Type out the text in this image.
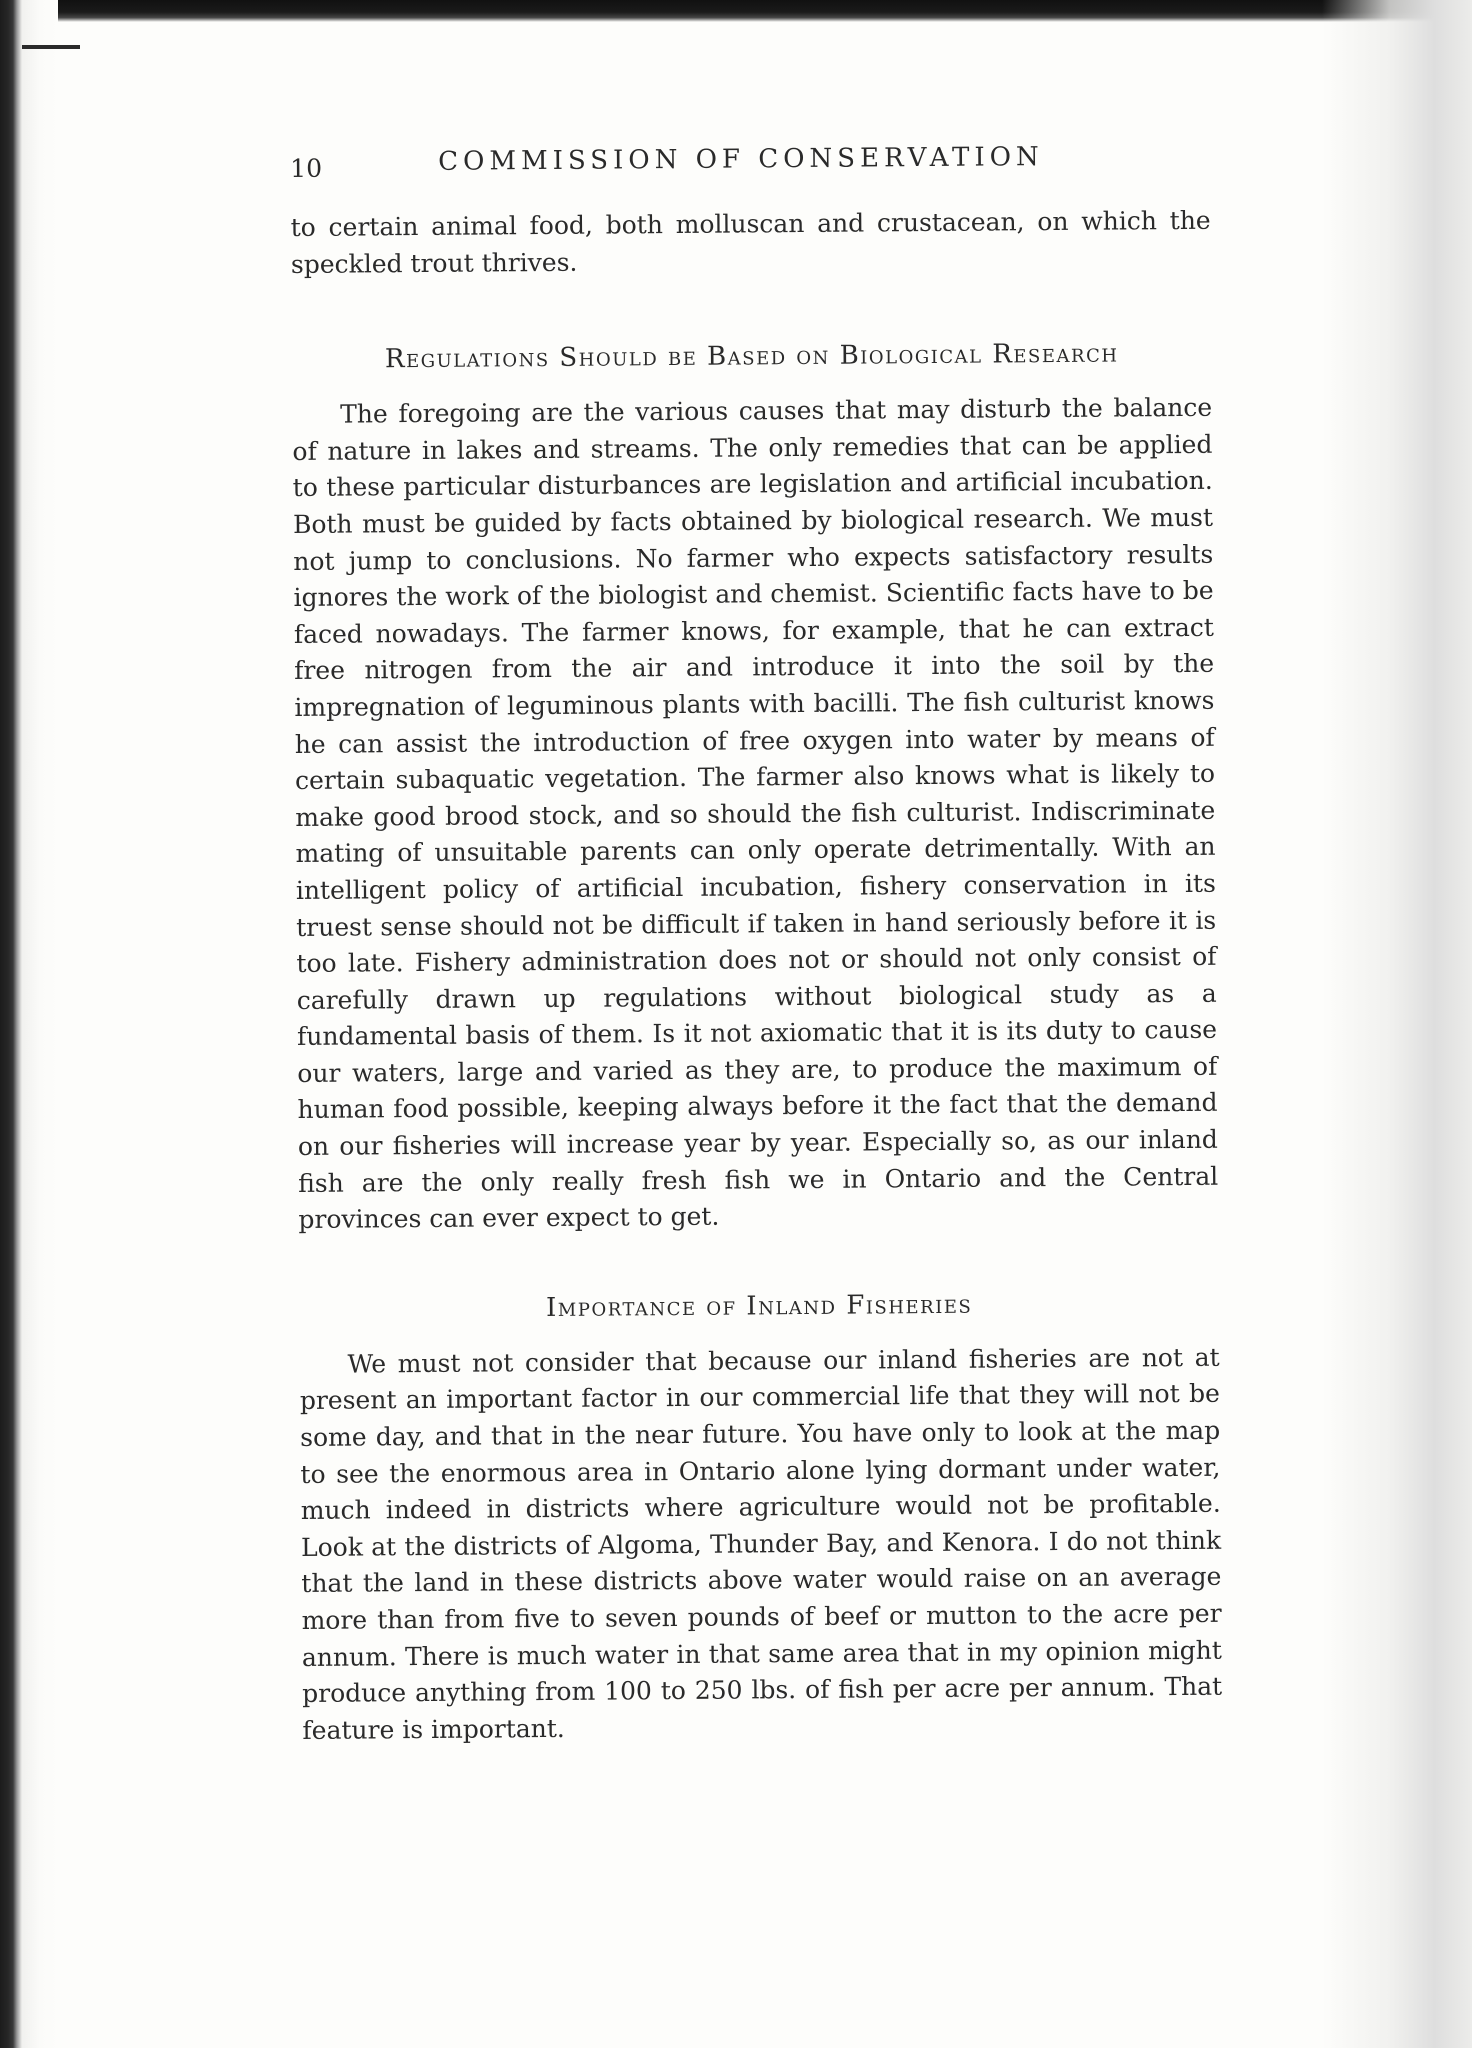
10	COMMISSION OF CONSERVATION

to certain animal food, both molluscan and crustacean, on which the speckled trout thrives.

Regulations Should be Based on Biological Research

The foregoing are the various causes that may disturb the balance of nature in lakes and streams. The only remedies that can be applied to these particular disturbances are legislation and artificial incubation. Both must be guided by facts obtained by biological research. We must not jump to conclusions. No farmer who expects satisfactory results ignores the work of the biologist and chemist. Scientific facts have to be faced nowadays. The farmer knows, for example, that he can extract free nitrogen from the air and introduce it into the soil by the impregnation of leguminous plants with bacilli. The fish culturist knows he can assist the introduction of free oxygen into water by means of certain subaquatic vegetation. The farmer also knows what is likely to make good brood stock, and so should the fish culturist. Indiscriminate mating of unsuitable parents can only operate detrimentally. With an intelligent policy of artificial incubation, fishery conservation in its truest sense should not be difficult if taken in hand seriously before it is too late. Fishery administration does not or should not only consist of carefully drawn up regulations without biological study as a fundamental basis of them. Is it not axiomatic that it is its duty to cause our waters, large and varied as they are, to produce the maximum of human food possible, keeping always before it the fact that the demand on our fisheries will increase year by year. Especially so, as our inland fish are the only really fresh fish we in Ontario and the Central provinces can ever expect to get.

Importance of Inland Fisheries

We must not consider that because our inland fisheries are not at present an important factor in our commercial life that they will not be some day, and that in the near future. You have only to look at the map to see the enormous area in Ontario alone lying dormant under water, much indeed in districts where agriculture would not be profitable. Look at the districts of Algoma, Thunder Bay, and Kenora. I do not think that the land in these districts above water would raise on an average more than from five to seven pounds of beef or mutton to the acre per annum. There is much water in that same area that in my opinion might produce anything from 100 to 250 lbs. of fish per acre per annum. That feature is important.
